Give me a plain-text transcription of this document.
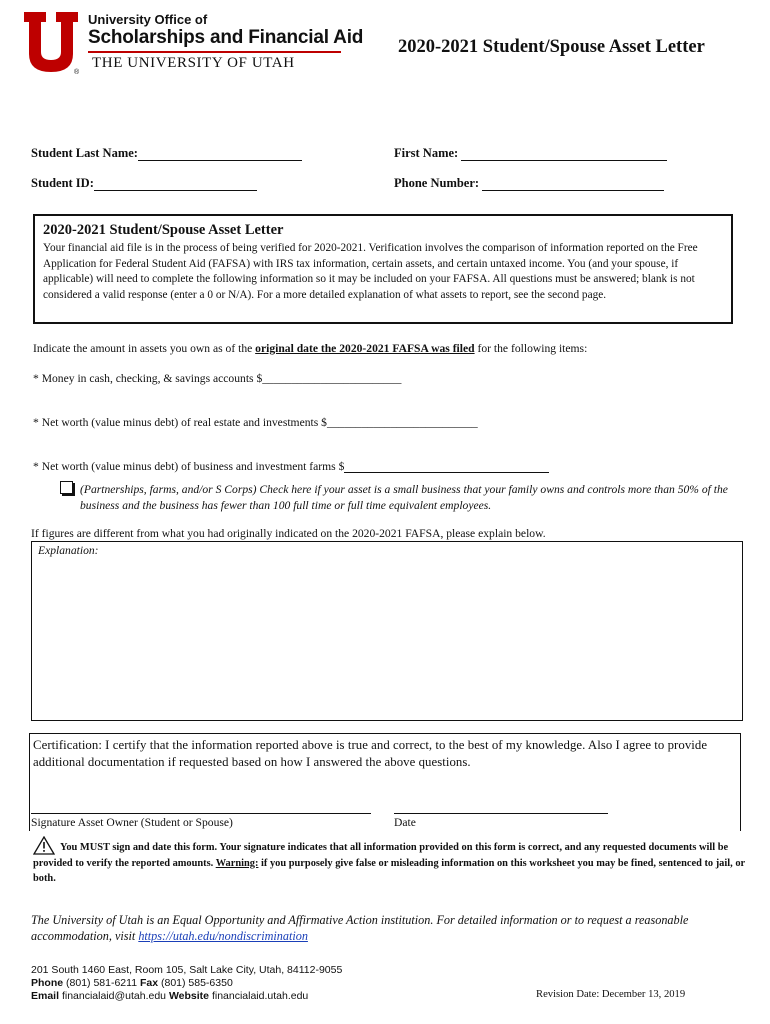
®
University Office of
Scholarships and Financial Aid
THE UNIVERSITY OF UTAH
2020-2021 Student/Spouse Asset Letter
Student Last Name:	First Name:
Student ID:	Phone Number:
2020-2021 Student/Spouse Asset Letter
Your financial aid file is in the process of being verified for 2020-2021. Verification involves the comparison of information reported on the Free Application for Federal Student Aid (FAFSA) with IRS tax information, certain assets, and certain untaxed income. You (and your spouse, if applicable) will need to complete the following information so it may be included on your FAFSA. All questions must be answered; blank is not considered a valid response (enter a 0 or N/A). For a more detailed explanation of what assets to report, see the second page.
Indicate the amount in assets you own as of the original date the 2020-2021 FAFSA was filed for the following items:
* Money in cash, checking, & savings accounts $________________________
* Net worth (value minus debt) of real estate and investments $__________________________
* Net worth (value minus debt) of business and investment farms $
(Partnerships, farms, and/or S Corps) Check here if your asset is a small business that your family owns and controls more than 50% of the business and the business has fewer than 100 full time or full time equivalent employees.
If figures are different from what you had originally indicated on the 2020-2021 FAFSA, please explain below.
Explanation:
Certification: I certify that the information reported above is true and correct, to the best of my knowledge. Also I agree to provide additional documentation if requested based on how I answered the above questions.
Signature Asset Owner (Student or Spouse)	Date
You MUST sign and date this form. Your signature indicates that all information provided on this form is correct, and any requested documents will be provided to verify the reported amounts. Warning: if you purposely give false or misleading information on this worksheet you may be fined, sentenced to jail, or both.
The University of Utah is an Equal Opportunity and Affirmative Action institution. For detailed information or to request a reasonable accommodation, visit https://utah.edu/nondiscrimination
201 South 1460 East, Room 105, Salt Lake City, Utah, 84112-9055
Phone (801) 581-6211 Fax (801) 585-6350
Email financialaid@utah.edu Website financialaid.utah.edu	Revision Date: December 13, 2019
